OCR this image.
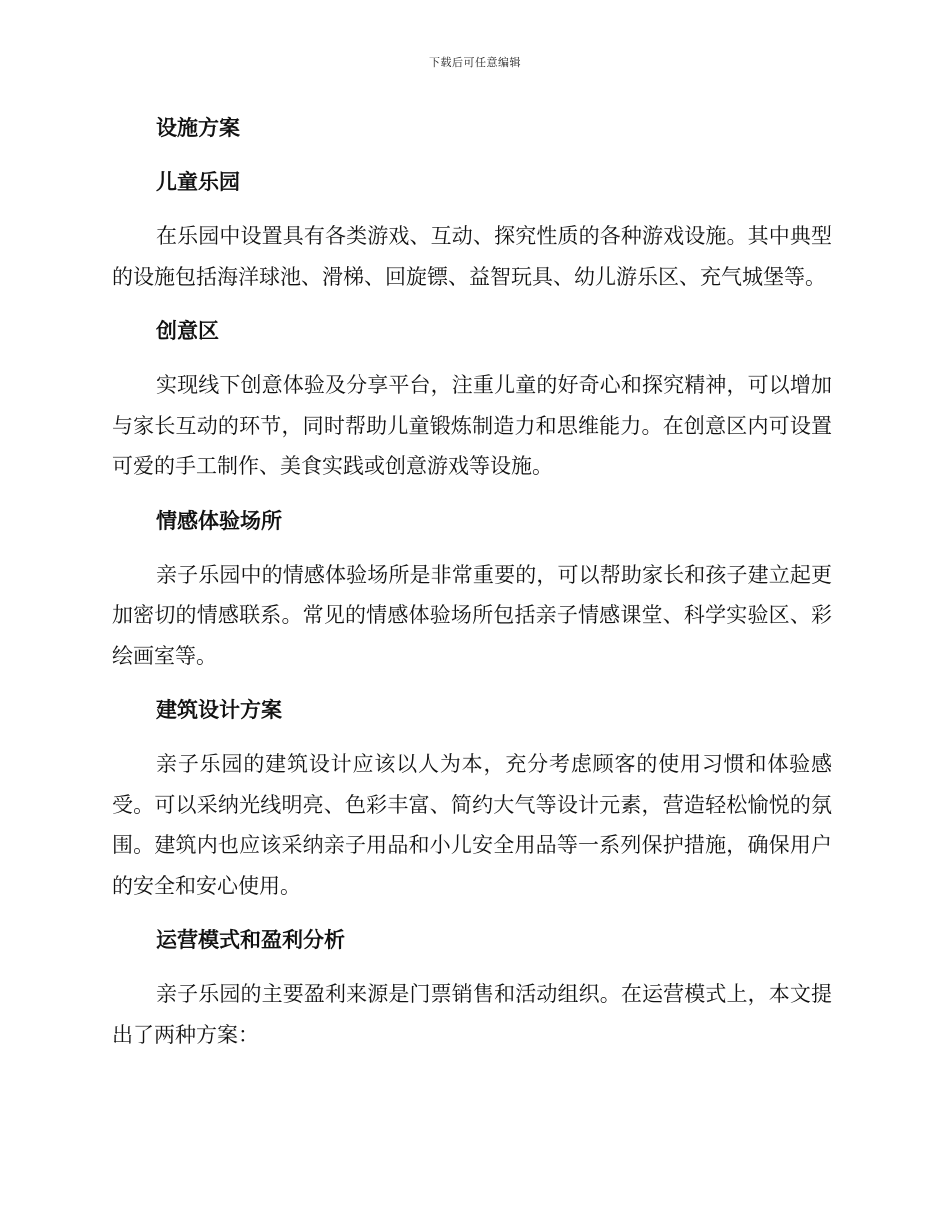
下载后可任意编辑
设施方案
儿童乐园

在乐园中设置具有各类游戏、互动、探究性质的各种游戏设施。其中典型的设施包括海洋球池、滑梯、回旋镖、益智玩具、幼儿游乐区、充气城堡等。

创意区

实现线下创意体验及分享平台，注重儿童的好奇心和探究精神，可以增加与家长互动的环节，同时帮助儿童锻炼制造力和思维能力。在创意区内可设置可爱的手工制作、美食实践或创意游戏等设施。

情感体验场所

亲子乐园中的情感体验场所是非常重要的，可以帮助家长和孩子建立起更加密切的情感联系。常见的情感体验场所包括亲子情感课堂、科学实验区、彩绘画室等。

建筑设计方案

亲子乐园的建筑设计应该以人为本，充分考虑顾客的使用习惯和体验感受。可以采纳光线明亮、色彩丰富、简约大气等设计元素，营造轻松愉悦的氛围。建筑内也应该采纳亲子用品和小儿安全用品等一系列保护措施，确保用户的安全和安心使用。

运营模式和盈利分析

亲子乐园的主要盈利来源是门票销售和活动组织。在运营模式上，本文提出了两种方案：
